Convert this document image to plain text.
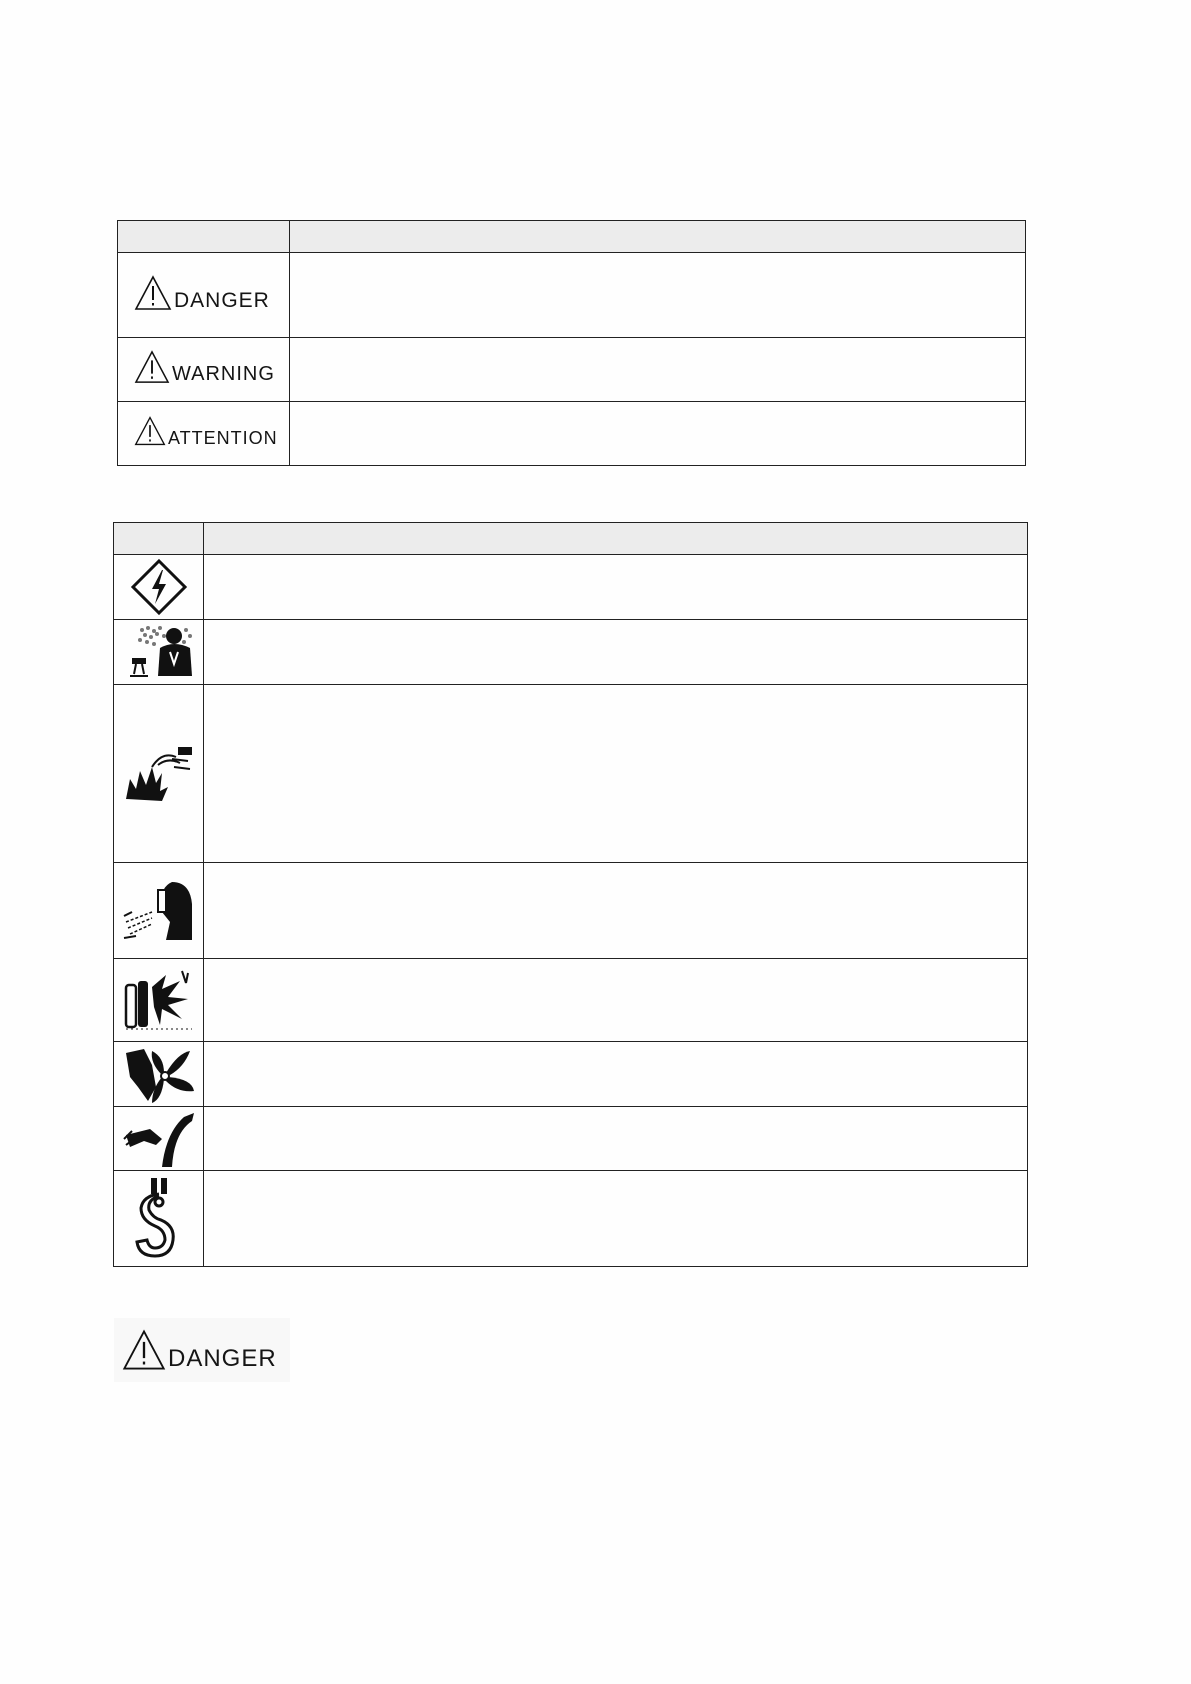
DANGER	

WARNING	

ATTENTION	

DANGER
